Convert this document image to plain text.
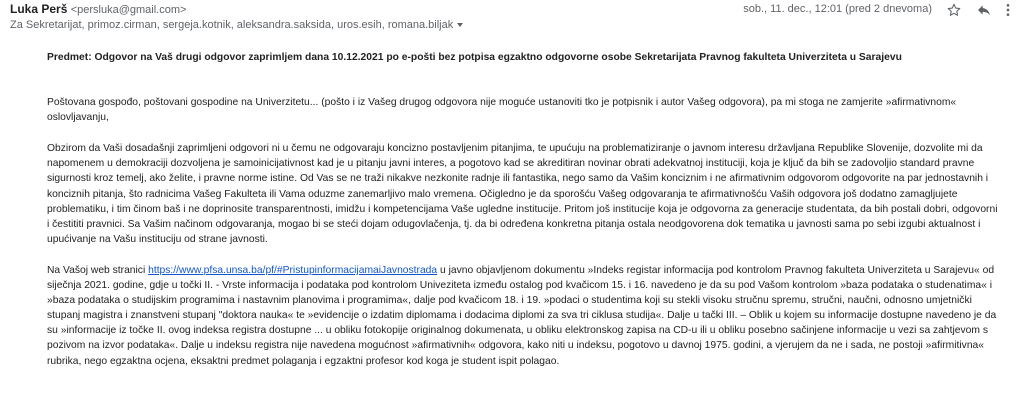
Luka Perš <persluka@gmail.com>
Za Sekretarijat, primoz.cirman, sergeja.kotnik, aleksandra.saksida, uros.esih, romana.biljak
sob., 11. dec., 12:01 (pred 2 dnevoma)

Predmet: Odgovor na Vaš drugi odgovor zaprimljem dana 10.12.2021 po e-pošti bez potpisa egzaktno odgovorne osobe Sekretarijata Pravnog fakulteta Univerziteta u Sarajevu

Poštovana gospođo, poštovani gospodine na Univerzitetu... (pošto i iz Vašeg drugog odgovora nije moguće ustanoviti tko je potpisnik i autor Vašeg odgovora), pa mi stoga ne zamjerite »afirmativnom« oslovljavanju,

Obzirom da Vaši dosadašnji zaprimljeni odgovori ni u čemu ne odgovaraju koncizno postavljenim pitanjima, te upućuju na problematiziranje o javnom interesu državljana Republike Slovenije, dozvolite mi da napomenem u demokraciji dozvoljena je samoinicijativnost kad je u pitanju javni interes, a pogotovo kad se akreditiran novinar obrati adekvatnoj instituciji, koja je ključ da bih se zadovoljio standard pravne sigurnosti kroz temelj, ako želite, i pravne norme istine. Od Vas se ne traži nikakve nezkonite radnje ili fantastika, nego samo da Vašim konciznim i ne afirmativnim odgovorom odgovorite na par jednostavnih i konciznih pitanja, što radnicima Vašeg Fakulteta ili Vama oduzme zanemarljivo malo vremena. Očigledno je da sporošću Vašeg odgovaranja te afirmativnošću Vaših odgovora još dodatno zamagljujete problematiku, i tim činom baš i ne doprinosite transparentnosti, imidžu i kompetencijama Vaše ugledne institucije. Pritom još institucije koja je odgovorna za generacije studentata, da bih postali dobri, odgovorni i čestititi pravnici. Sa Vašim načinom odgovaranja, mogao bi se steći dojam odugovlačenja, tj. da bi određena konkretna pitanja ostala neodgovorena dok tematika u javnosti sama po sebi izgubi aktualnost i upućivanje na Vašu instituciju od strane javnosti.

Na Vašoj web stranici https://www.pfsa.unsa.ba/pf/#PristupinformacijamaiJavnostrada u javno objavljenom dokumentu »Indeks registar informacija pod kontrolom Pravnog fakulteta Univerziteta u Sarajevu« od siječnja 2021. godine, gdje u točki II. - Vrste informacija i podataka pod kontrolom Univeziteta između ostalog pod kvačicom 15. i 16. navedeno je da su pod Vašom kontrolom »baza podataka o studenatima« i »baza podataka o studijskim programima i nastavnim planovima i programima«, dalje pod kvačicom 18. i 19. »podaci o studentima koji su stekli visoku stručnu spremu, stručni, naučni, odnosno umjetnički stupanj magistra i znanstveni stupanj "doktora nauka« te »evidencije o izdatim diplomama i dodacima diplomi za sva tri ciklusa studija«. Dalje u tački III. – Oblik u kojem su informacije dostupne navedeno je da su »informacije iz točke II. ovog indeksa registra dostupne ... u obliku fotokopije originalnog dokumenata, u obliku elektronskog zapisa na CD-u ili u obliku posebno sačinjene informacije u vezi sa zahtjevom s pozivom na izvor podataka«. Dalje u indeksu registra nije navedena mogućnost »afirmativnih« odgovora, kako niti u indeksu, pogotovo u davnoj 1975. godini, a vjerujem da ne i sada, ne postoji »afirmitivna« rubrika, nego egzaktna ocjena, eksaktni predmet polaganja i egzaktni profesor kod koga je student ispit polagao.
